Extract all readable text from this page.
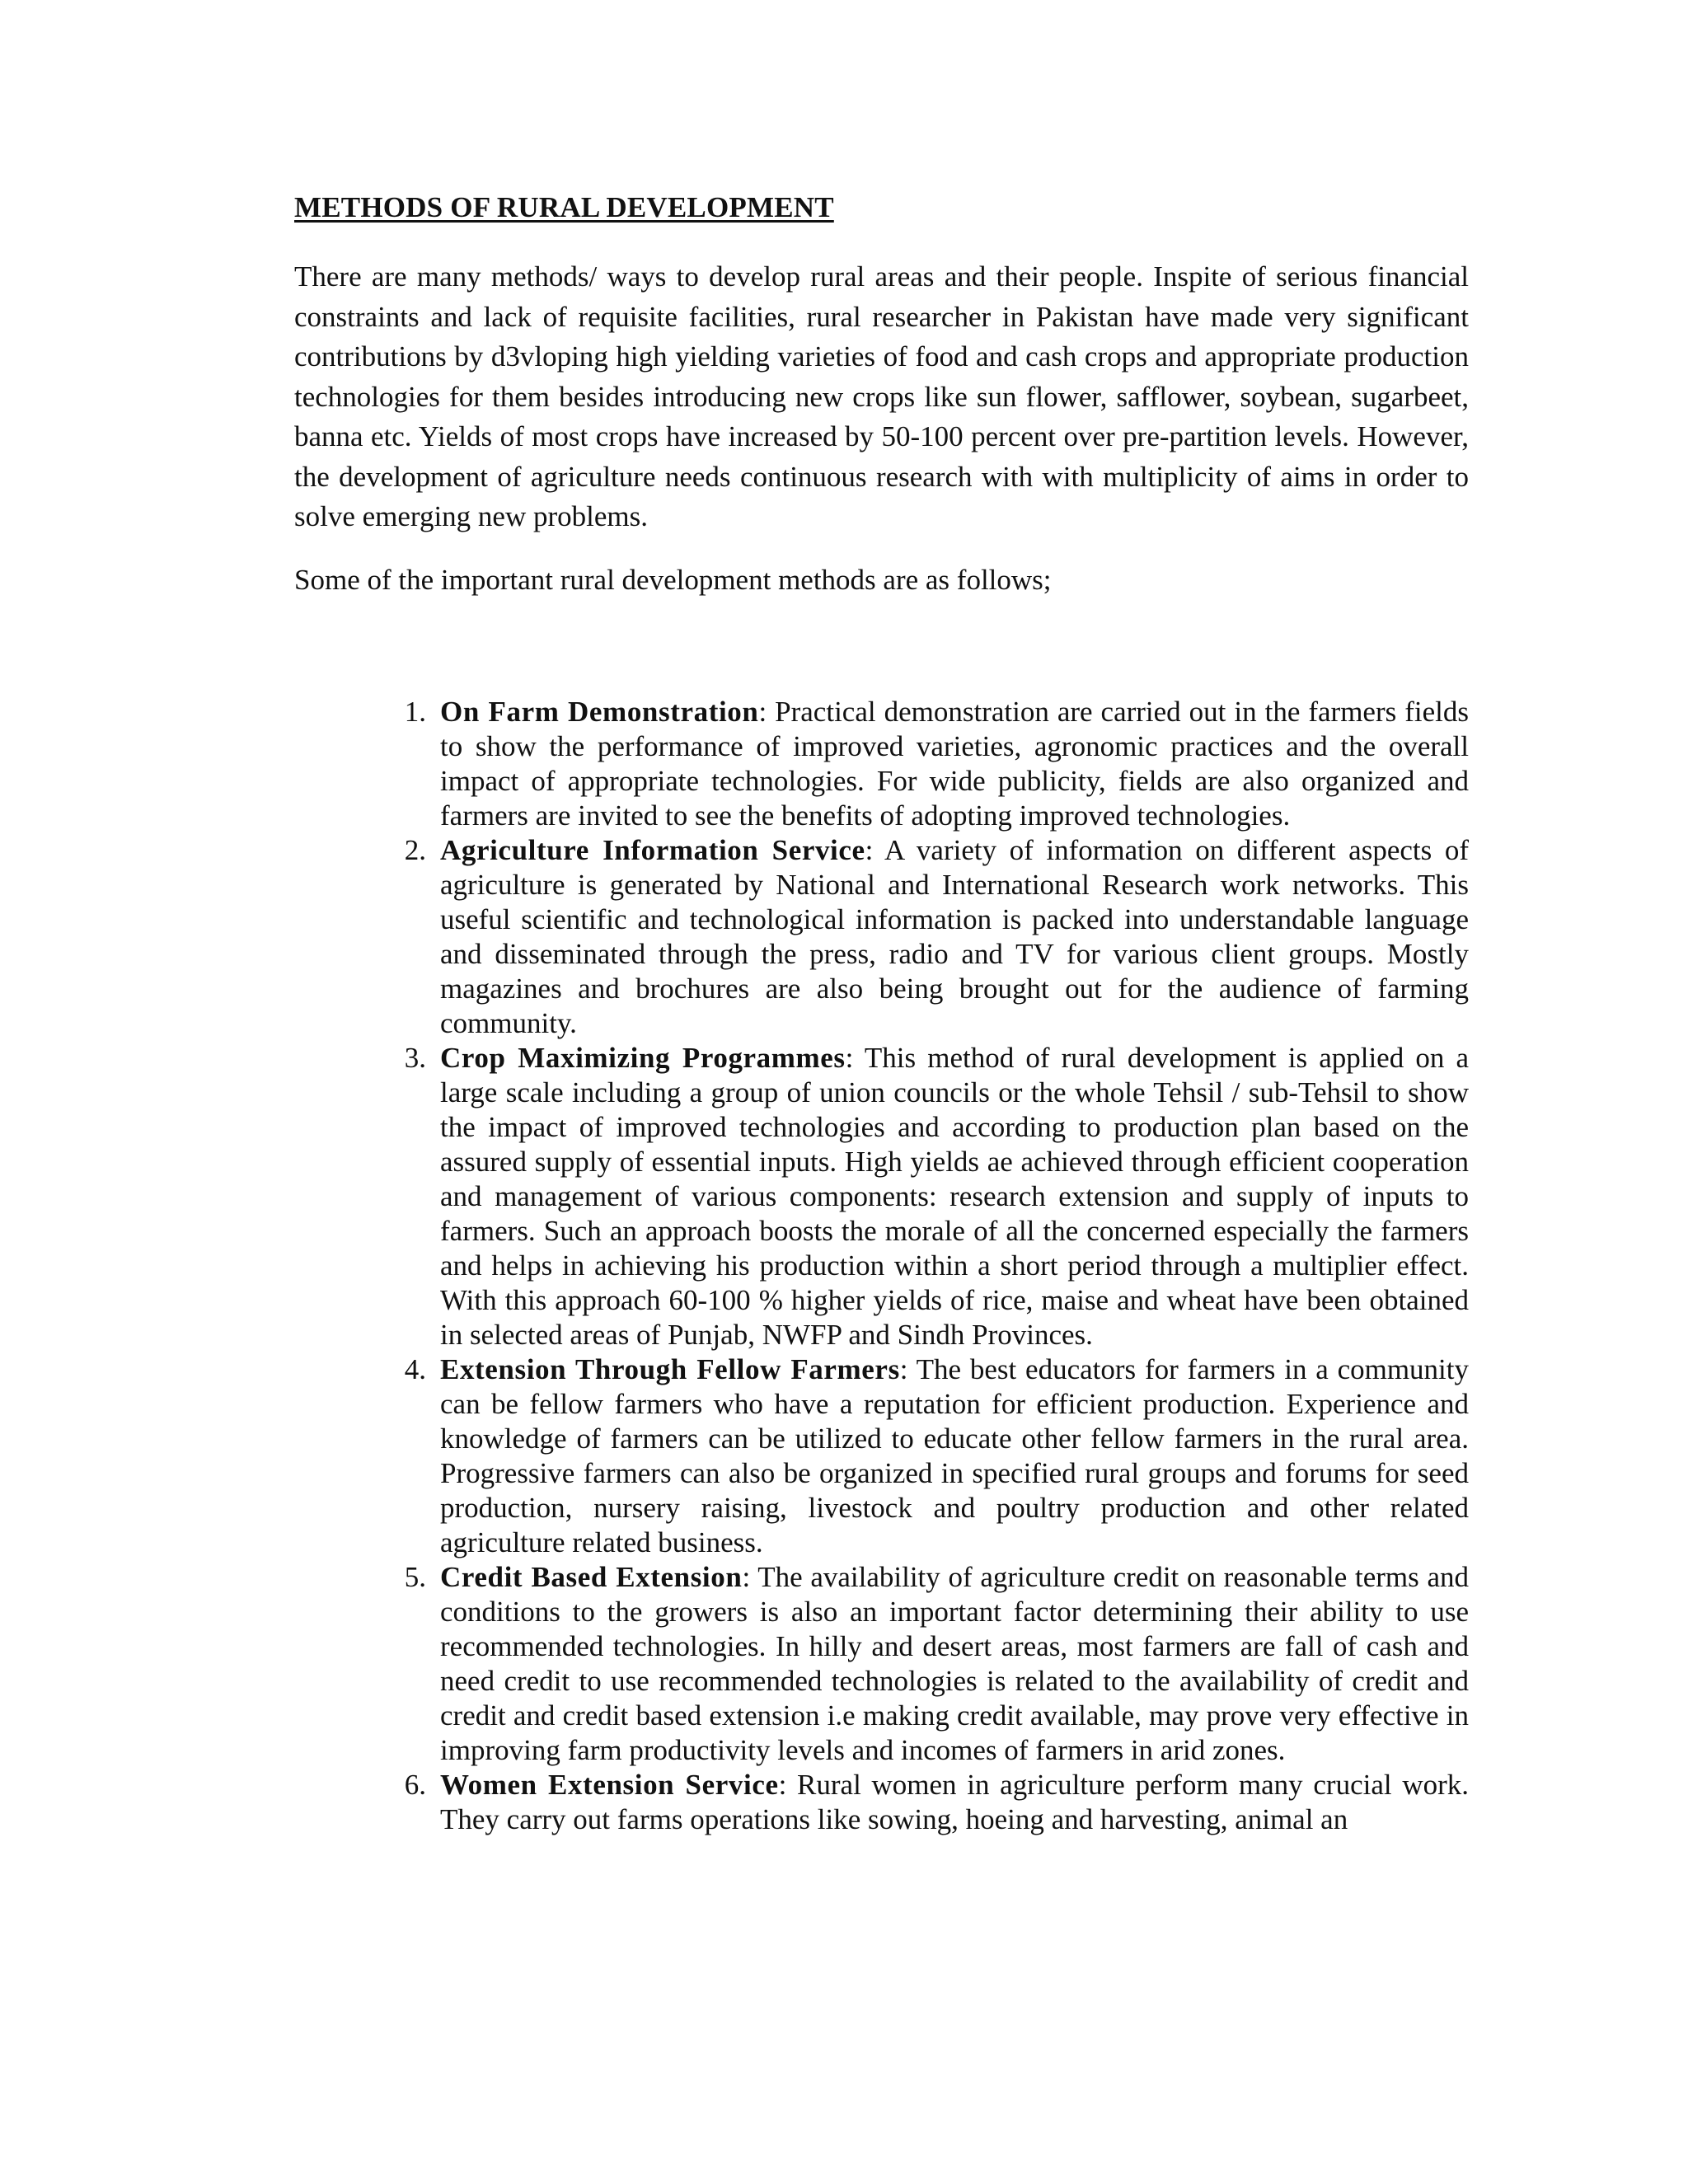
METHODS OF RURAL DEVELOPMENT

There are many methods/ ways to develop rural areas and their people. Inspite of serious financial constraints and lack of requisite facilities, rural researcher in Pakistan have made very significant contributions by d3vloping high yielding varieties of food and cash crops and appropriate production technologies for them besides introducing new crops like sun flower, safflower, soybean, sugarbeet, banna etc. Yields of most crops have increased by 50-100 percent over pre-partition levels. However, the development of agriculture needs continuous research with with multiplicity of aims in order to solve emerging new problems.

Some of the important rural development methods are as follows;

1. On Farm Demonstration: Practical demonstration are carried out in the farmers fields to show the performance of improved varieties, agronomic practices and the overall impact of appropriate technologies. For wide publicity, fields are also organized and farmers are invited to see the benefits of adopting improved technologies.
2. Agriculture Information Service: A variety of information on different aspects of agriculture is generated by National and International Research work networks. This useful scientific and technological information is packed into understandable language and disseminated through the press, radio and TV for various client groups. Mostly magazines and brochures are also being brought out for the audience of farming community.
3. Crop Maximizing Programmes: This method of rural development is applied on a large scale including a group of union councils or the whole Tehsil / sub-Tehsil to show the impact of improved technologies and according to production plan based on the assured supply of essential inputs. High yields ae achieved through efficient cooperation and management of various components: research extension and supply of inputs to farmers. Such an approach boosts the morale of all the concerned especially the farmers and helps in achieving his production within a short period through a multiplier effect. With this approach 60-100 % higher yields of rice, maise and wheat have been obtained in selected areas of Punjab, NWFP and Sindh Provinces.
4. Extension Through Fellow Farmers: The best educators for farmers in a community can be fellow farmers who have a reputation for efficient production. Experience and knowledge of farmers can be utilized to educate other fellow farmers in the rural area. Progressive farmers can also be organized in specified rural groups and forums for seed production, nursery raising, livestock and poultry production and other related agriculture related business.
5. Credit Based Extension: The availability of agriculture credit on reasonable terms and conditions to the growers is also an important factor determining their ability to use recommended technologies. In hilly and desert areas, most farmers are fall of cash and need credit to use recommended technologies is related to the availability of credit and credit and credit based extension i.e making credit available, may prove very effective in improving farm productivity levels and incomes of farmers in arid zones.
6. Women Extension Service: Rural women in agriculture perform many crucial work. They carry out farms operations like sowing, hoeing and harvesting, animal an
